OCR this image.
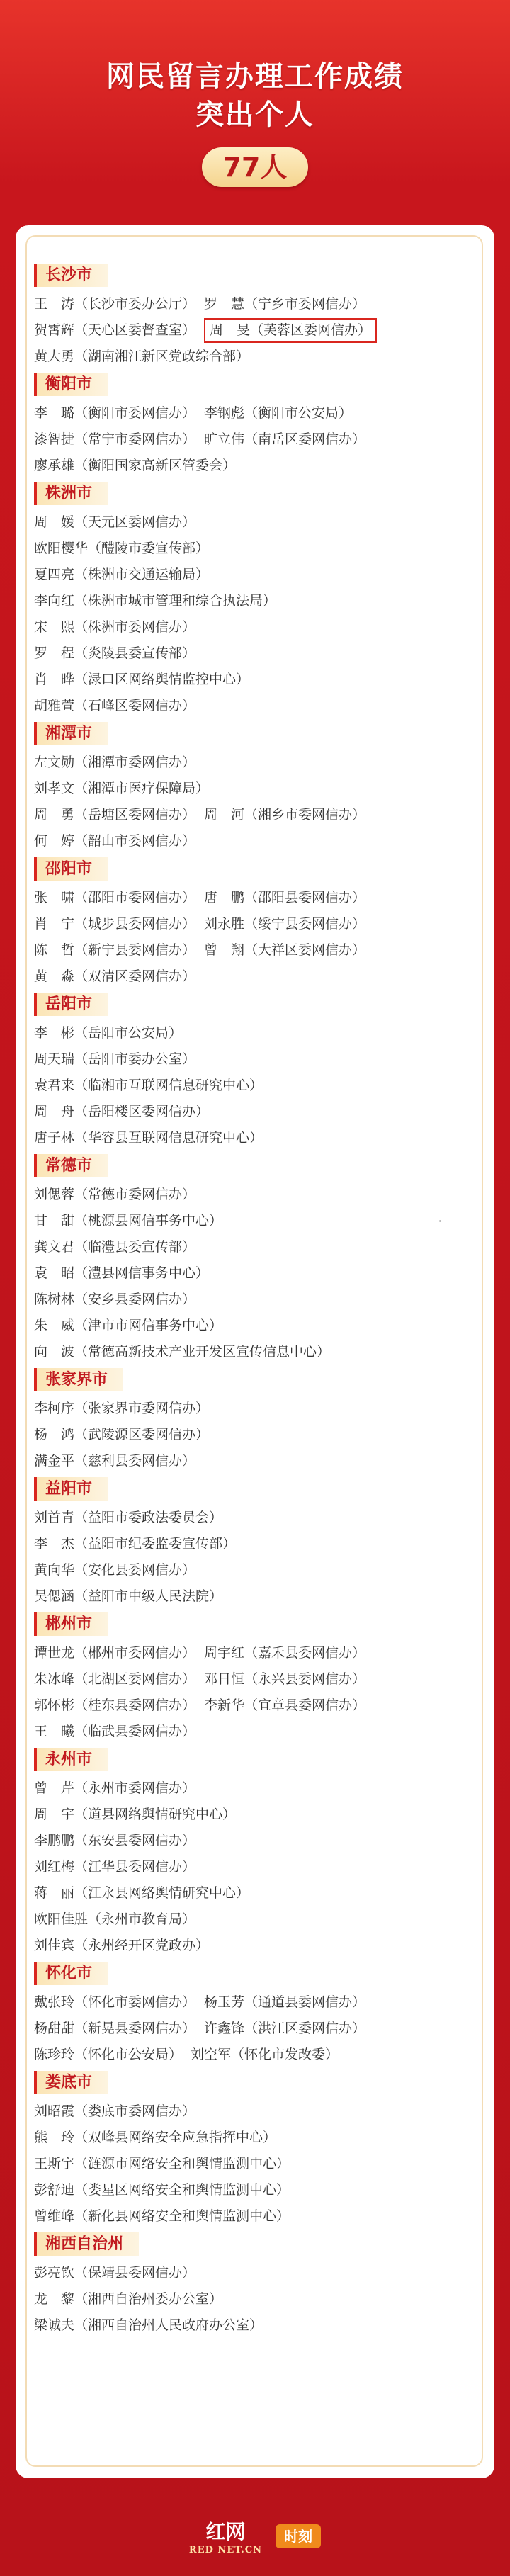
网民留言办理工作成绩
突出个人
77人
长沙市
王　涛（长沙市委办公厅） 罗　慧（宁乡市委网信办）
贺霄辉（天心区委督查室） 周　旻（芙蓉区委网信办）
黄大勇（湖南湘江新区党政综合部）
衡阳市
李　璐（衡阳市委网信办） 李钢彪（衡阳市公安局）
漆智捷（常宁市委网信办） 旷立伟（南岳区委网信办）
廖承雄（衡阳国家高新区管委会）
株洲市
周　媛（天元区委网信办）
欧阳樱华（醴陵市委宣传部）
夏四亮（株洲市交通运输局）
李向红（株洲市城市管理和综合执法局）
宋　熙（株洲市委网信办）
罗　程（炎陵县委宣传部）
肖　晔（渌口区网络舆情监控中心）
胡雅萱（石峰区委网信办）
湘潭市
左文勋（湘潭市委网信办）
刘孝文（湘潭市医疗保障局）
周　勇（岳塘区委网信办） 周　河（湘乡市委网信办）
何　婷（韶山市委网信办）
邵阳市
张　啸（邵阳市委网信办） 唐　鹏（邵阳县委网信办）
肖　宁（城步县委网信办） 刘永胜（绥宁县委网信办）
陈　哲（新宁县委网信办） 曾　翔（大祥区委网信办）
黄　淼（双清区委网信办）
岳阳市
李　彬（岳阳市公安局）
周天瑞（岳阳市委办公室）
袁君来（临湘市互联网信息研究中心）
周　舟（岳阳楼区委网信办）
唐子林（华容县互联网信息研究中心）
常德市
刘偲蓉（常德市委网信办）
甘　甜（桃源县网信事务中心）
龚文君（临澧县委宣传部）
袁　昭（澧县网信事务中心）
陈树林（安乡县委网信办）
朱　威（津市市网信事务中心）
向　波（常德高新技术产业开发区宣传信息中心）
张家界市
李柯序（张家界市委网信办）
杨　鸿（武陵源区委网信办）
满金平（慈利县委网信办）
益阳市
刘首青（益阳市委政法委员会）
李　杰（益阳市纪委监委宣传部）
黄向华（安化县委网信办）
吴偲涵（益阳市中级人民法院）
郴州市
谭世龙（郴州市委网信办） 周宇红（嘉禾县委网信办）
朱冰峰（北湖区委网信办） 邓日恒（永兴县委网信办）
郭怀彬（桂东县委网信办） 李新华（宜章县委网信办）
王　曦（临武县委网信办）
永州市
曾　芹（永州市委网信办）
周　宇（道县网络舆情研究中心）
李鹏鹏（东安县委网信办）
刘红梅（江华县委网信办）
蒋　丽（江永县网络舆情研究中心）
欧阳佳胜（永州市教育局）
刘佳宾（永州经开区党政办）
怀化市
戴张玲（怀化市委网信办） 杨玉芳（通道县委网信办）
杨甜甜（新晃县委网信办） 许鑫锋（洪江区委网信办）
陈珍玲（怀化市公安局） 刘空军（怀化市发改委）
娄底市
刘昭霞（娄底市委网信办）
熊　玲（双峰县网络安全应急指挥中心）
王斯宇（涟源市网络安全和舆情监测中心）
彭舒迪（娄星区网络安全和舆情监测中心）
曾维峰（新化县网络安全和舆情监测中心）
湘西自治州
彭亮钦（保靖县委网信办）
龙　黎（湘西自治州委办公室）
梁诚夫（湘西自治州人民政府办公室）
红网
RED NET.CN
时刻
